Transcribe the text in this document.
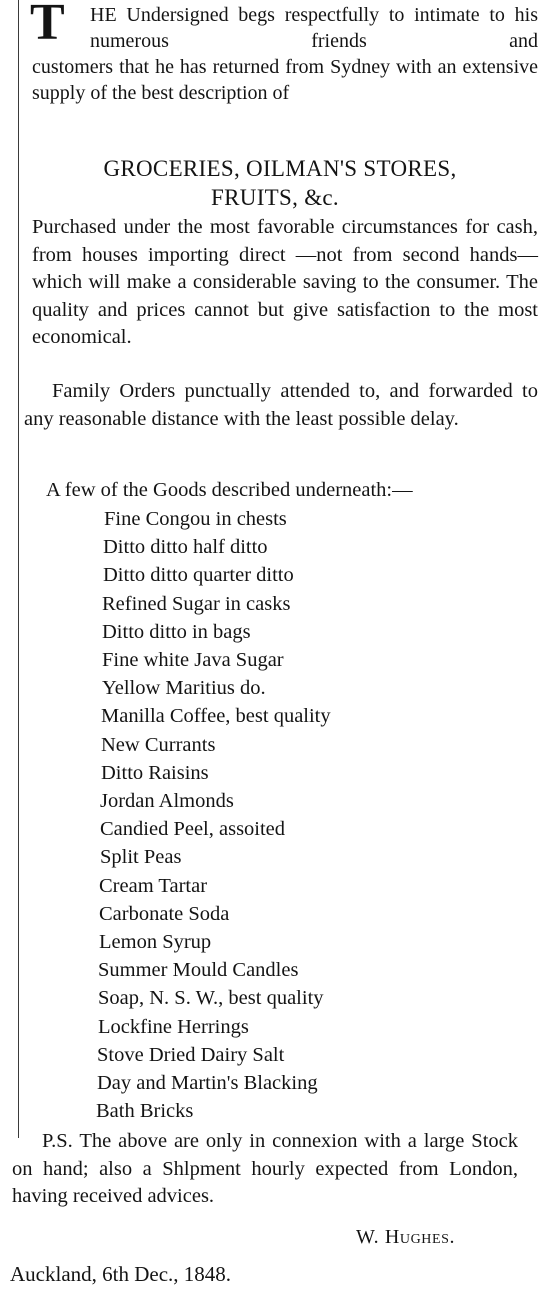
T HE Undersigned begs respectfully to intimate to his numerous friends and

customers that he has returned from Sydney with an extensive supply of the best description of

GROCERIES, OILMAN'S STORES,
FRUITS, &c.

Purchased under the most favorable circumstances for cash, from houses importing direct —not from second hands—which will make a considerable saving to the consumer. The quality and prices cannot but give satisfaction to the most economical.

Family Orders punctually attended to, and forwarded to any reasonable distance with the least possible delay.

A few of the Goods described underneath:—

Fine Congou in chests
Ditto ditto half ditto
Ditto ditto quarter ditto
Refined Sugar in casks
Ditto ditto in bags
Fine white Java Sugar
Yellow Maritius do.
Manilla Coffee, best quality
New Currants
Ditto Raisins
Jordan Almonds
Candied Peel, assoited
Split Peas
Cream Tartar
Carbonate Soda
Lemon Syrup
Summer Mould Candles
Soap, N. S. W., best quality
Lockfine Herrings
Stove Dried Dairy Salt
Day and Martin's Blacking
Bath Bricks

P.S. The above are only in connexion with a large Stock on hand; also a Shlpment hourly expected from London, having received advices.

W. Hughes.
Auckland, 6th Dec., 1848.
